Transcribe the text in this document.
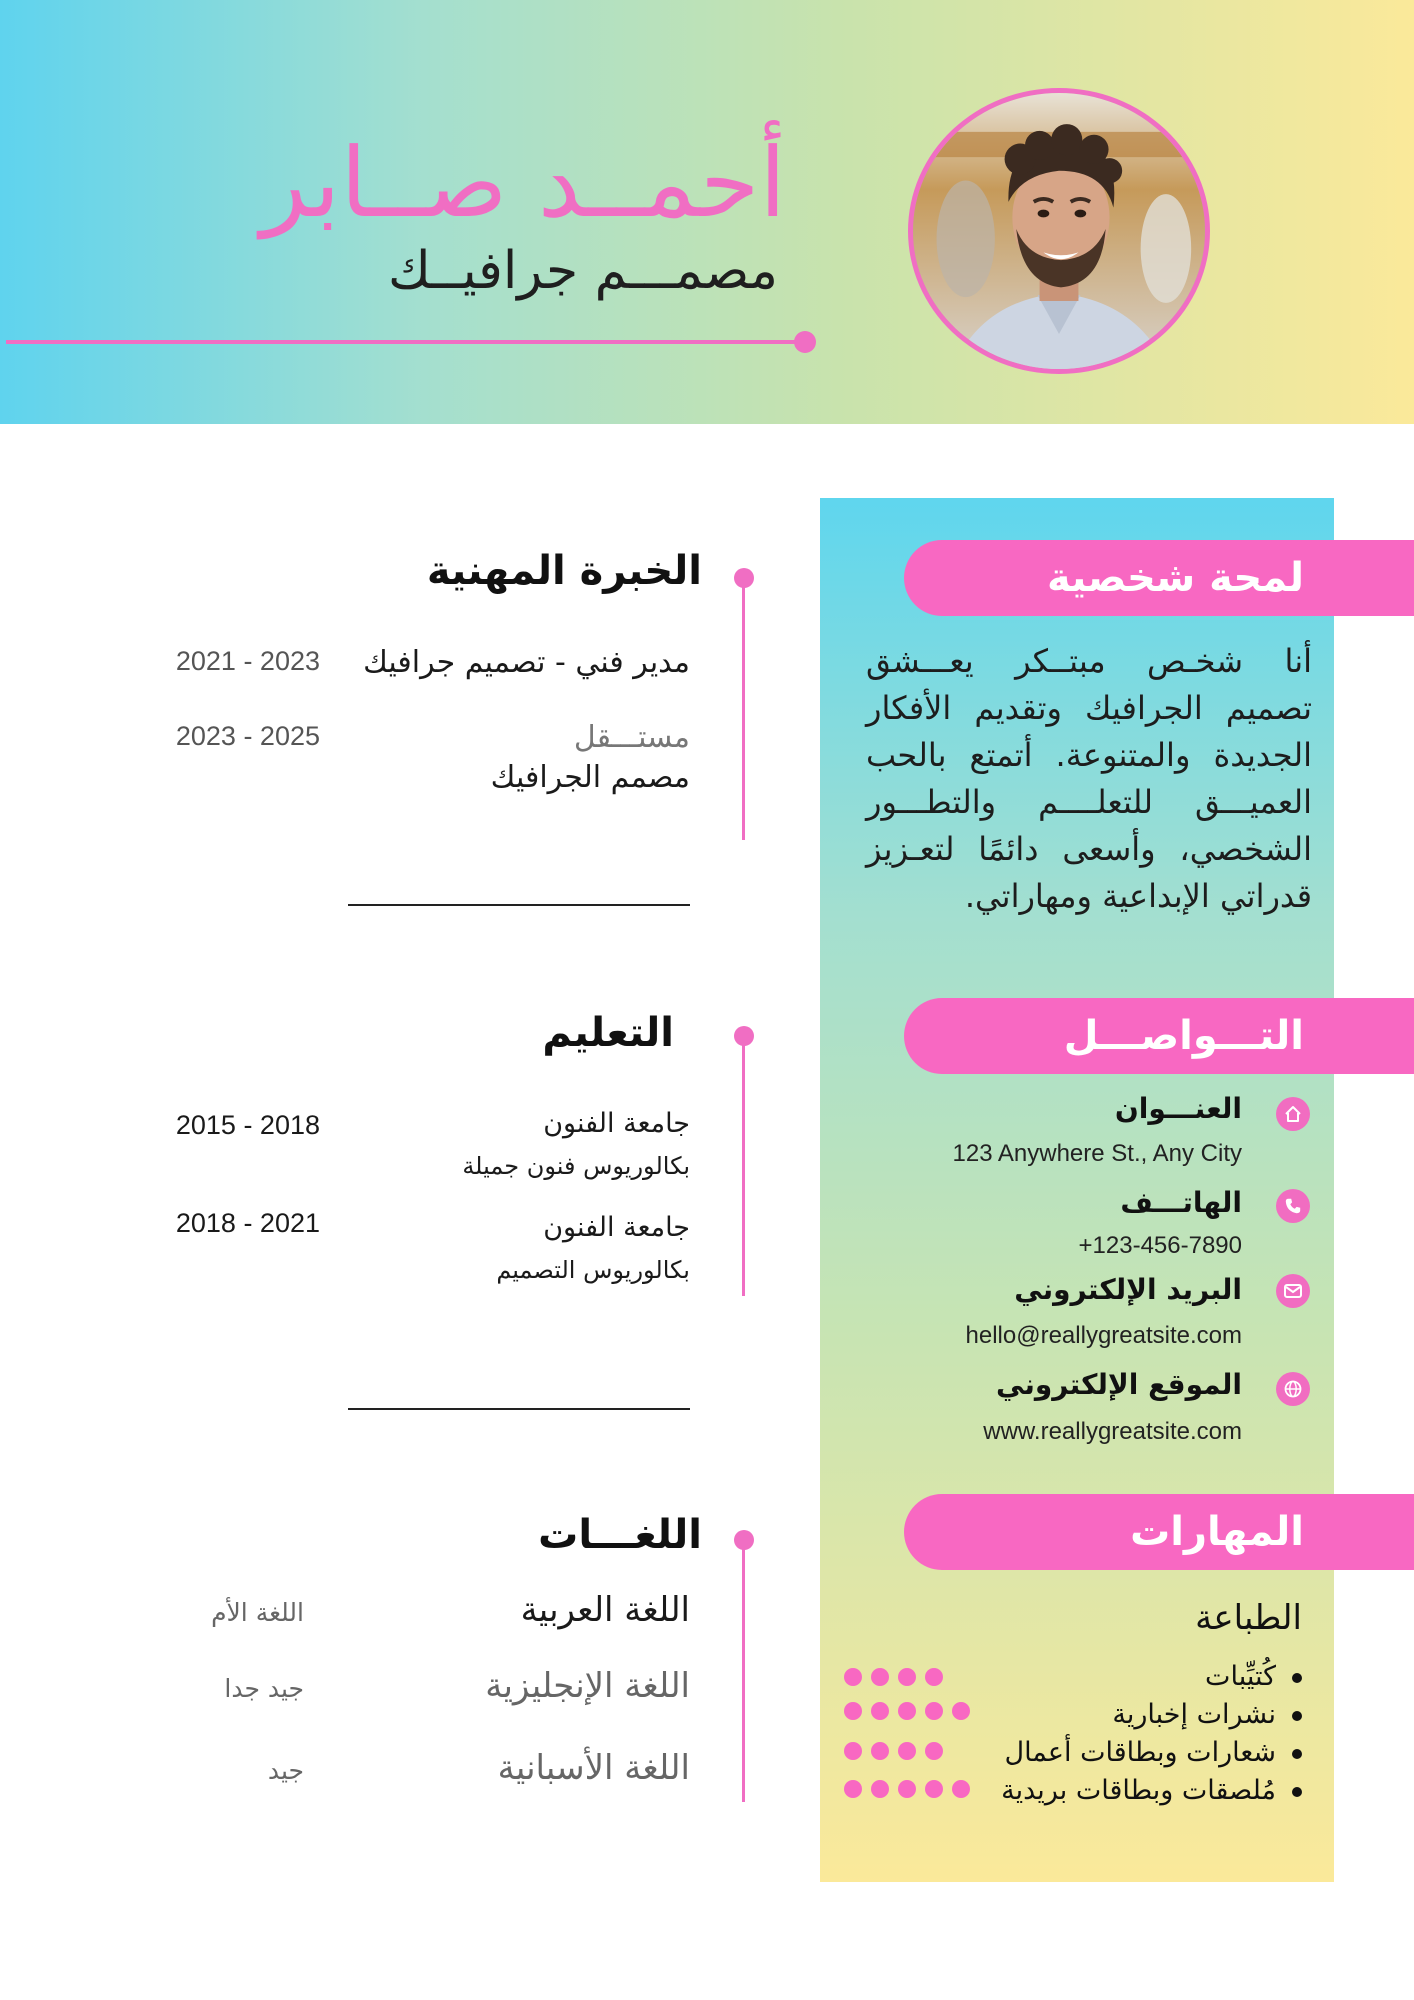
أحمــد صــابر
مصمـــم جرافيــك
لمحة شخصية
أنا شخـص مبتــكر يعـــشق تصميم الجرافيك وتقديم الأفكار الجديدة والمتنوعة. أتمتع بالحب العميـــق للتعلــــم والتطـــور الشخصي، وأسعى دائمًا لتعـزيز قدراتي الإبداعية ومهاراتي.
التـــواصـــل
العنـــوان
123 Anywhere St., Any City
الهاتـــف
+123-456-7890
البريد الإلكتروني
hello@reallygreatsite.com
الموقع الإلكتروني
www.reallygreatsite.com
المهارات
الطباعة
كُتيِّبات
نشرات إخبارية
شعارات وبطاقات أعمال
مُلصقات وبطاقات بريدية
الخبرة المهنية
مدير فني - تصميم جرافيك
2021 - 2023
مستـــقل
مصمم الجرافيك
2023 - 2025
التعليم
جامعة الفنون
بكالوريوس فنون جميلة
2015 - 2018
جامعة الفنون
بكالوريوس التصميم
2018 - 2021
اللغـــات
اللغة العربية
اللغة الأم
اللغة الإنجليزية
جيد جدا
اللغة الأسبانية
جيد
